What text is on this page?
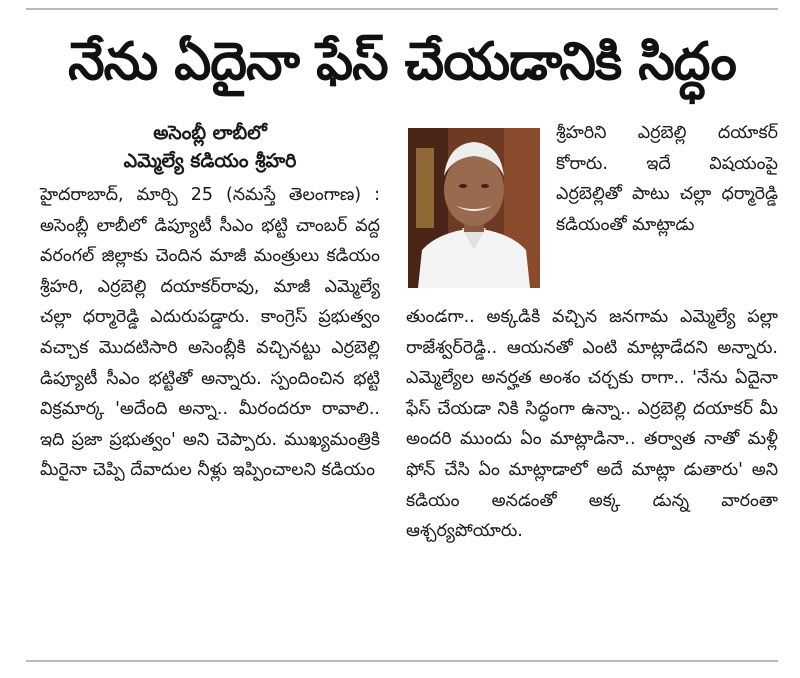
నేను ఏదైనా ఫేస్ చేయడానికి సిద్ధం
అసెంబ్లీ లాబీలో
ఎమ్మెల్యే కడియం శ్రీహరి

హైదరాబాద్, మార్చి 25 (నమస్తే తెలంగాణ) : అసెంబ్లీ లాబీలో డిప్యూటీ సీఎం భట్టి చాంబర్ వద్ద వరంగల్ జిల్లాకు చెందిన మాజీ మంత్రులు కడియం శ్రీహరి, ఎర్రబెల్లి దయాకర్‌రావు, మాజీ ఎమ్మెల్యే చల్లా ధర్మారెడ్డి ఎదురుపడ్డారు. కాంగ్రెస్ ప్రభుత్వం వచ్చాక మొదటిసారి అసెంబ్లీకి వచ్చినట్టు ఎర్రబెల్లి డిప్యూటీ సీఎం భట్టితో అన్నారు. స్పందించిన భట్టి విక్రమార్క 'అదేంది అన్నా.. మీరందరూ రావాలి.. ఇది ప్రజా ప్రభుత్వం' అని చెప్పారు. ముఖ్యమంత్రికి మీరైనా చెప్పి దేవాదుల నీళ్లు ఇప్పించాలని కడియం

శ్రీహరిని ఎర్రబెల్లి దయాకర్ కోరారు. ఇదే విషయంపై ఎర్రబెల్లితో పాటు చల్లా ధర్మారెడ్డి కడియంతో మాట్లాడు

తుండగా.. అక్కడికి వచ్చిన జనగామ ఎమ్మెల్యే పల్లా రాజేశ్వర్‌రెడ్డి.. ఆయనతో ఎంటి మాట్లాడేదని అన్నారు. ఎమ్మెల్యేల అనర్హత అంశం చర్చకు రాగా.. 'నేను ఏదైనా ఫేస్ చేయడా నికి సిద్ధంగా ఉన్నా.. ఎర్రబెల్లి దయాకర్ మీ అందరి ముందు ఏం మాట్లాడినా.. తర్వాత నాతో మళ్లీ ఫోన్ చేసి ఏం మాట్లాడాలో అదే మాట్లా డుతారు' అని కడియం అనడంతో అక్క డున్న వారంతా ఆశ్చర్యపోయారు.
